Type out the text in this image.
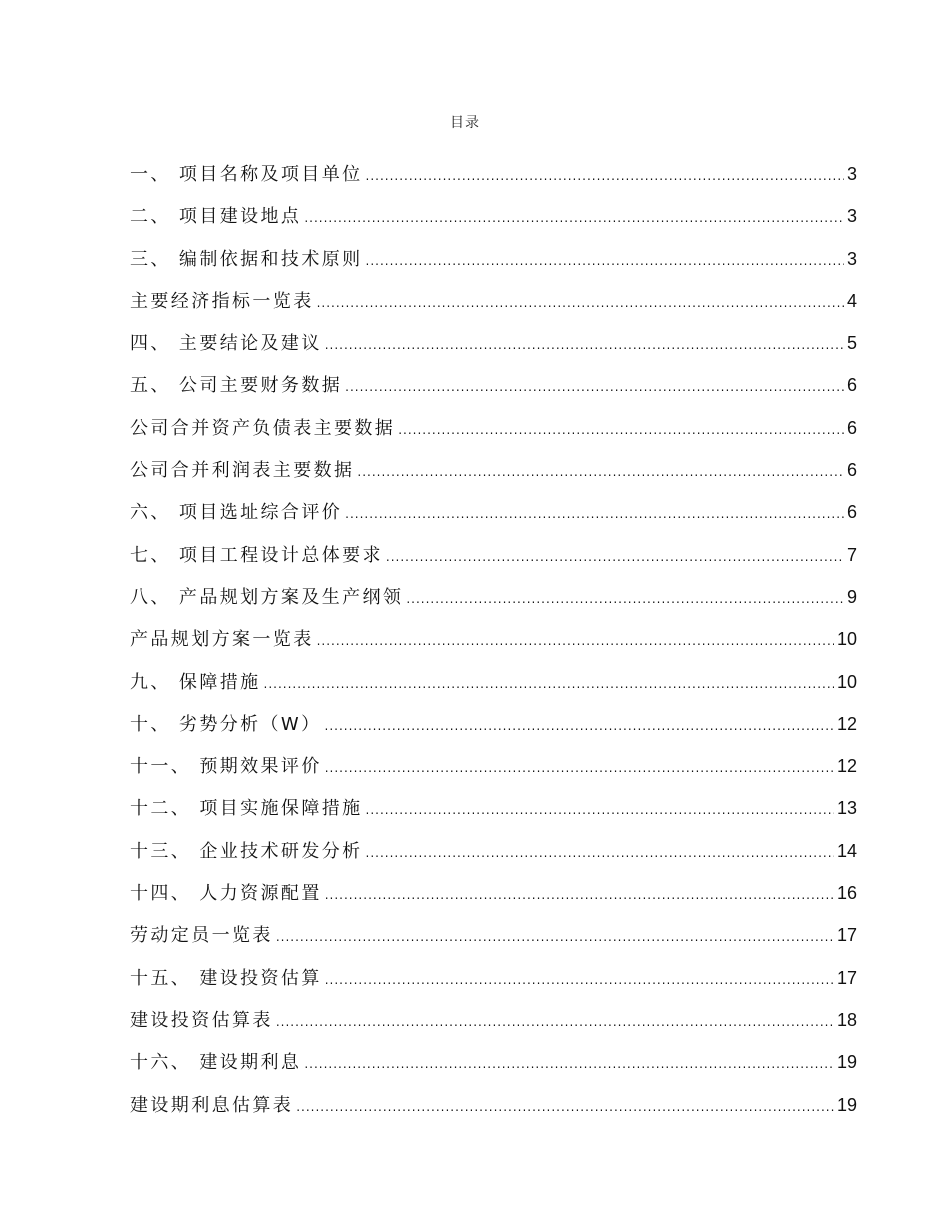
目录
一、 项目名称及项目单位 .....	3
二、 项目建设地点 .....	3
三、 编制依据和技术原则 .....	3
主要经济指标一览表 .....	4
四、 主要结论及建议 .....	5
五、 公司主要财务数据 .....	6
公司合并资产负债表主要数据 .....	6
公司合并利润表主要数据 .....	6
六、 项目选址综合评价 .....	6
七、 项目工程设计总体要求 .....	7
八、 产品规划方案及生产纲领 .....	9
产品规划方案一览表 .....	10
九、 保障措施 .....	10
十、 劣势分析（W） .....	12
十一、 预期效果评价 .....	12
十二、 项目实施保障措施 .....	13
十三、 企业技术研发分析 .....	14
十四、 人力资源配置 .....	16
劳动定员一览表 .....	17
十五、 建设投资估算 .....	17
建设投资估算表 .....	18
十六、 建设期利息 .....	19
建设期利息估算表 .....	19
